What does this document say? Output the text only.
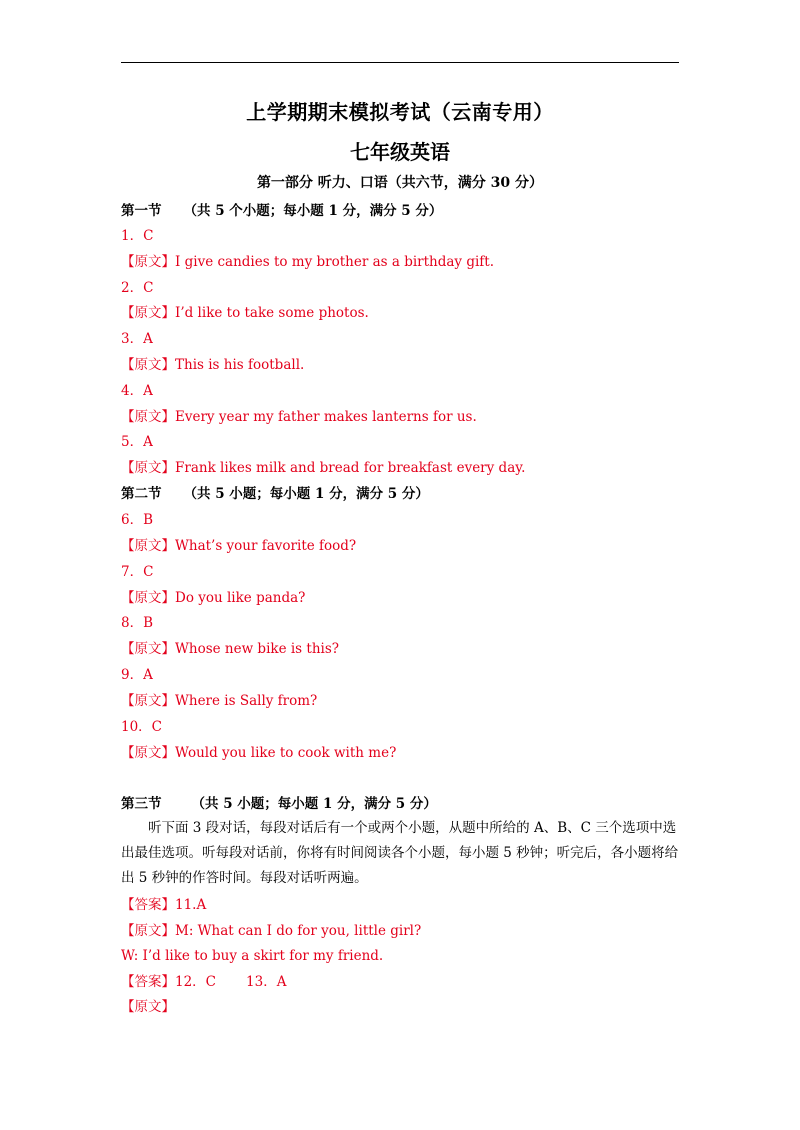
上学期期末模拟考试（云南专用）
七年级英语
第一部分 听力、口语（共六节，满分 30 分）
第一节 （共 5 个小题；每小题 1 分，满分 5 分）
1．C
【原文】I give candies to my brother as a birthday gift.
2．C
【原文】I’d like to take some photos.
3．A
【原文】This is his football.
4．A
【原文】Every year my father makes lanterns for us.
5．A
【原文】Frank likes milk and bread for breakfast every day.
第二节 （共 5 小题；每小题 1 分，满分 5 分）
6．B
【原文】What’s your favorite food?
7．C
【原文】Do you like panda?
8．B
【原文】Whose new bike is this?
9．A
【原文】Where is Sally from?
10．C
【原文】Would you like to cook with me?
第三节 （共 5 小题；每小题 1 分，满分 5 分）
听下面 3 段对话，每段对话后有一个或两个小题，从题中所给的 A、B、C 三个选项中选出最佳选项。听每段对话前，你将有时间阅读各个小题，每小题 5 秒钟；听完后，各小题将给出 5 秒钟的作答时间。每段对话听两遍。
【答案】11.A
【原文】M: What can I do for you, little girl?
W: I’d like to buy a skirt for my friend.
【答案】12．C 13．A
【原文】
